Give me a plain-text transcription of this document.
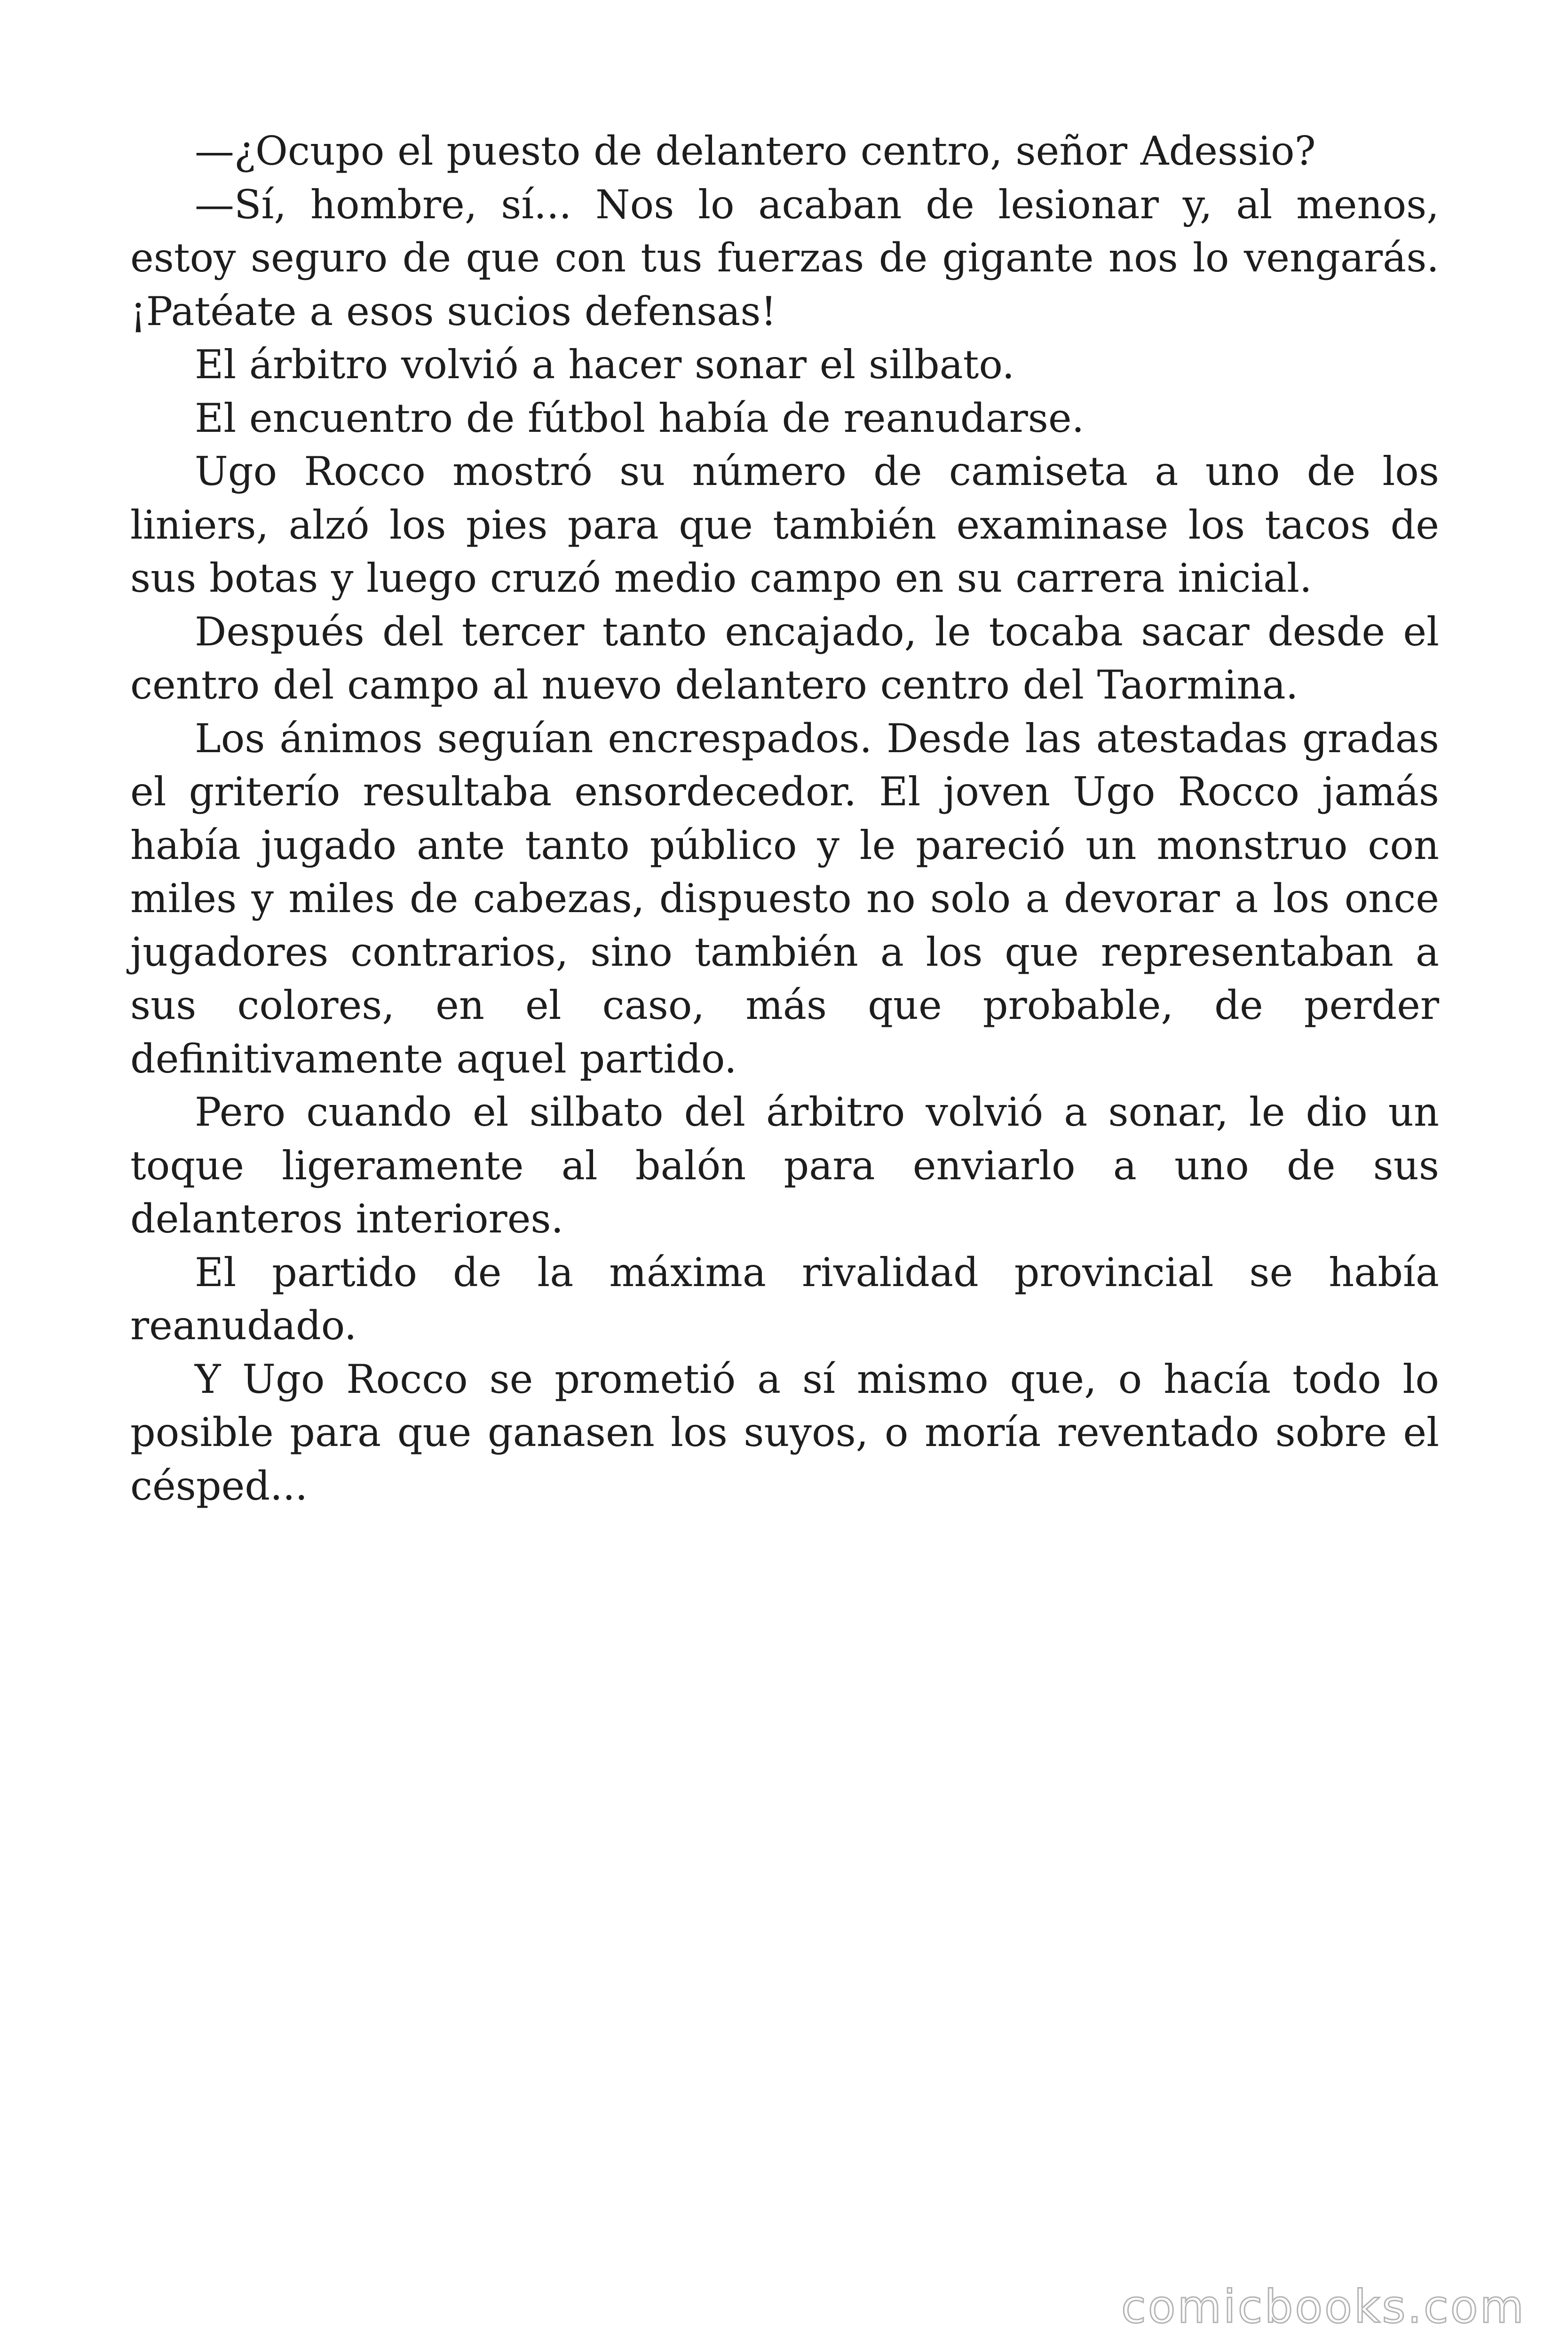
—¿Ocupo el puesto de delantero centro, señor Adessio?

—Sí, hombre, sí... Nos lo acaban de lesionar y, al menos, estoy seguro de que con tus fuerzas de gigante nos lo vengarás. ¡Patéate a esos sucios defensas!

El árbitro volvió a hacer sonar el silbato.

El encuentro de fútbol había de reanudarse.

Ugo Rocco mostró su número de camiseta a uno de los liniers, alzó los pies para que también examinase los tacos de sus botas y luego cruzó medio campo en su carrera inicial.

Después del tercer tanto encajado, le tocaba sacar desde el centro del campo al nuevo delantero centro del Taormina.

Los ánimos seguían encrespados. Desde las atestadas gradas el griterío resultaba ensordecedor. El joven Ugo Rocco jamás había jugado ante tanto público y le pareció un monstruo con miles y miles de cabezas, dispuesto no solo a devorar a los once jugadores contrarios, sino también a los que representaban a sus colores, en el caso, más que probable, de perder definitivamente aquel partido.

Pero cuando el silbato del árbitro volvió a sonar, le dio un toque ligeramente al balón para enviarlo a uno de sus delanteros interiores.

El partido de la máxima rivalidad provincial se había reanudado.

Y Ugo Rocco se prometió a sí mismo que, o hacía todo lo posible para que ganasen los suyos, o moría reventado sobre el césped...

comicbooks.com
